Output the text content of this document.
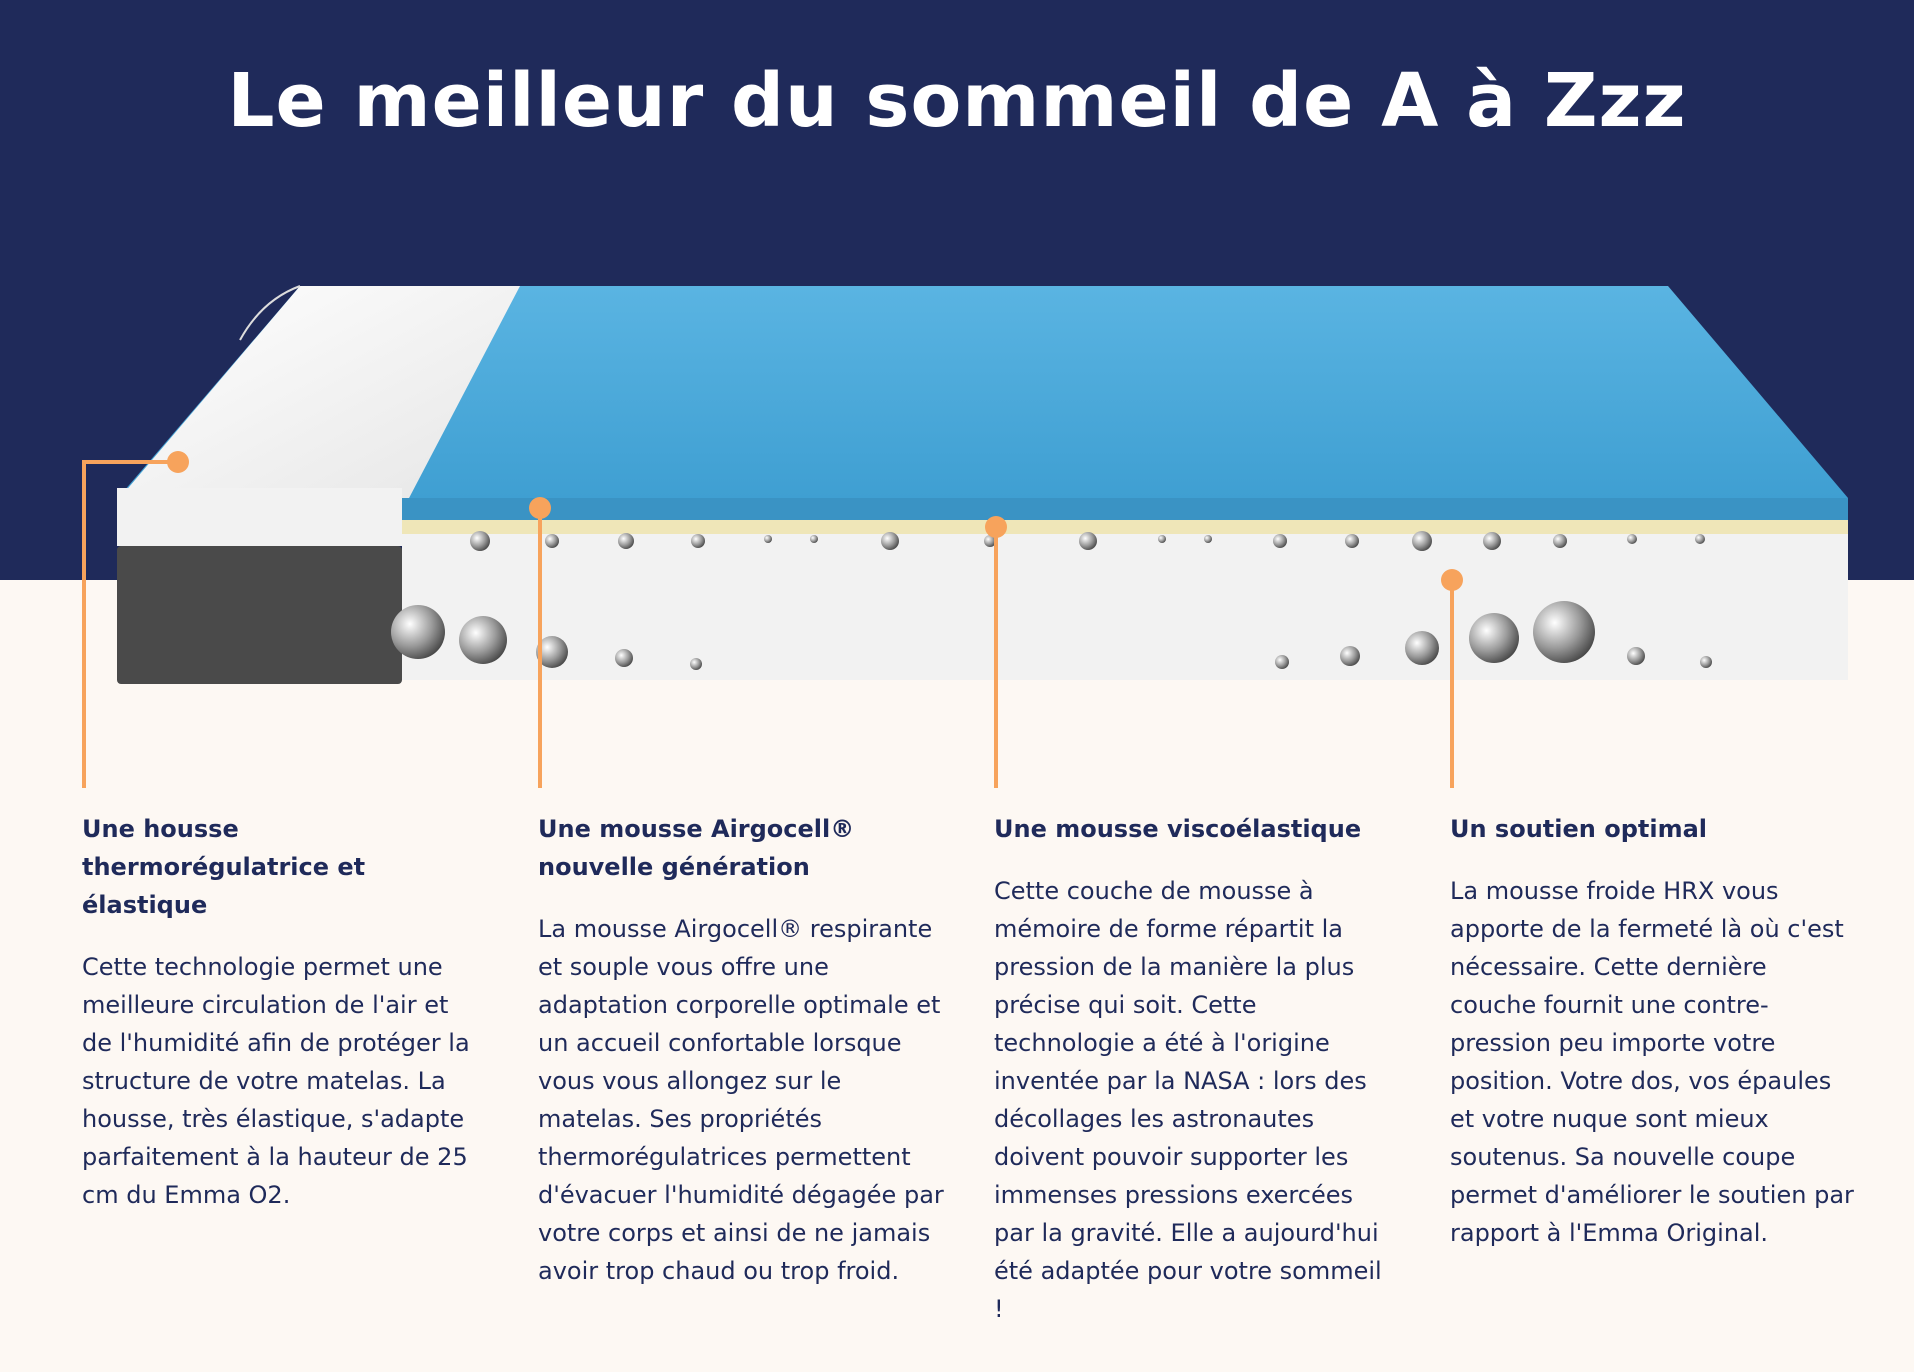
Le meilleur du sommeil de A à Zzz
Une housse thermorégulatrice et élastique

Cette technologie permet une meilleure circulation de l'air et de l'humidité afin de protéger la structure de votre matelas. La housse, très élastique, s'adapte parfaitement à la hauteur de 25 cm du Emma O2.

Une mousse Airgocell® nouvelle génération

La mousse Airgocell® respirante et souple vous offre une adaptation corporelle optimale et un accueil confortable lorsque vous vous allongez sur le matelas. Ses propriétés thermorégulatrices permettent d'évacuer l'humidité dégagée par votre corps et ainsi de ne jamais avoir trop chaud ou trop froid.

Une mousse viscoélastique

Cette couche de mousse à mémoire de forme répartit la pression de la manière la plus précise qui soit. Cette technologie a été à l'origine inventée par la NASA : lors des décollages les astronautes doivent pouvoir supporter les immenses pressions exercées par la gravité. Elle a aujourd'hui été adaptée pour votre sommeil !

Un soutien optimal

La mousse froide HRX vous apporte de la fermeté là où c'est nécessaire. Cette dernière couche fournit une contre-pression peu importe votre position. Votre dos, vos épaules et votre nuque sont mieux soutenus. Sa nouvelle coupe permet d'améliorer le soutien par rapport à l'Emma Original.
